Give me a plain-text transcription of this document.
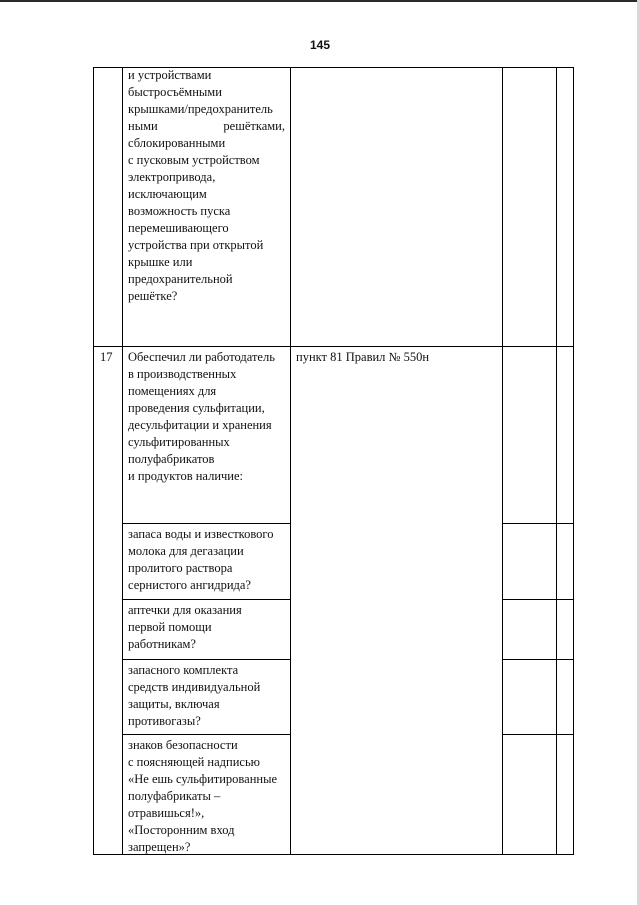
145
и устройствами
быстросъёмными
крышками/предохранитель
ными	решётками,
сблокированными
с пусковым устройством
электропривода,
исключающим
возможность пуска
перемешивающего
устройства при открытой
крышке или
предохранительной
решётке?
17 Обеспечил ли работодатель
в производственных
помещениях для
проведения сульфитации,
десульфитации и хранения
сульфитированных
полуфабрикатов
и продуктов наличие:
пункт 81 Правил № 550н
запаса воды и известкового
молока для дегазации
пролитого раствора
сернистого ангидрида?
аптечки для оказания
первой помощи
работникам?
запасного комплекта
средств индивидуальной
защиты, включая
противогазы?
знаков безопасности
с поясняющей надписью
«Не ешь сульфитированные
полуфабрикаты –
отравишься!»,
«Посторонним вход
запрещен»?
